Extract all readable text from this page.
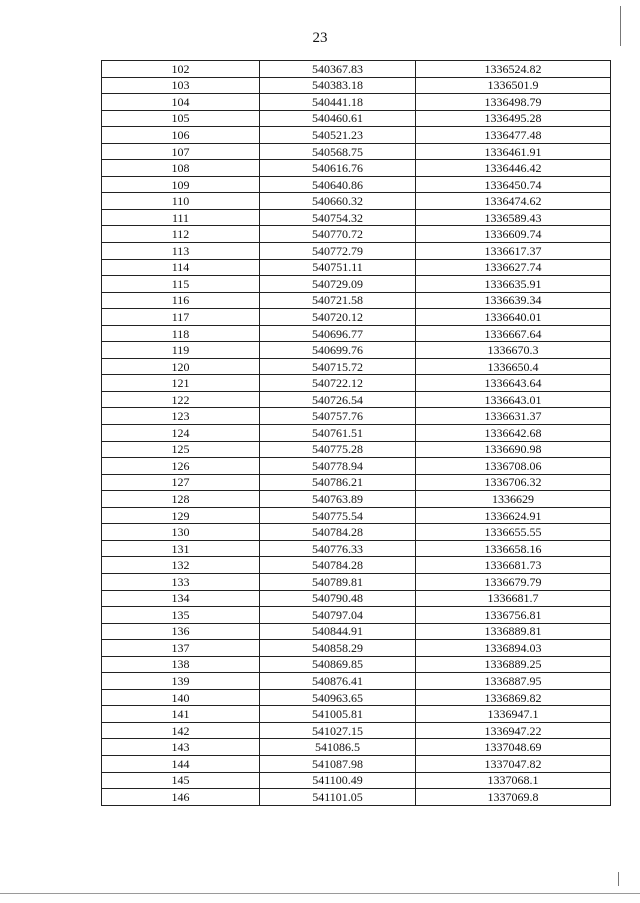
23
102	540367.83	1336524.82
103	540383.18	1336501.9
104	540441.18	1336498.79
105	540460.61	1336495.28
106	540521.23	1336477.48
107	540568.75	1336461.91
108	540616.76	1336446.42
109	540640.86	1336450.74
110	540660.32	1336474.62
111	540754.32	1336589.43
112	540770.72	1336609.74
113	540772.79	1336617.37
114	540751.11	1336627.74
115	540729.09	1336635.91
116	540721.58	1336639.34
117	540720.12	1336640.01
118	540696.77	1336667.64
119	540699.76	1336670.3
120	540715.72	1336650.4
121	540722.12	1336643.64
122	540726.54	1336643.01
123	540757.76	1336631.37
124	540761.51	1336642.68
125	540775.28	1336690.98
126	540778.94	1336708.06
127	540786.21	1336706.32
128	540763.89	1336629
129	540775.54	1336624.91
130	540784.28	1336655.55
131	540776.33	1336658.16
132	540784.28	1336681.73
133	540789.81	1336679.79
134	540790.48	1336681.7
135	540797.04	1336756.81
136	540844.91	1336889.81
137	540858.29	1336894.03
138	540869.85	1336889.25
139	540876.41	1336887.95
140	540963.65	1336869.82
141	541005.81	1336947.1
142	541027.15	1336947.22
143	541086.5	1337048.69
144	541087.98	1337047.82
145	541100.49	1337068.1
146	541101.05	1337069.8
